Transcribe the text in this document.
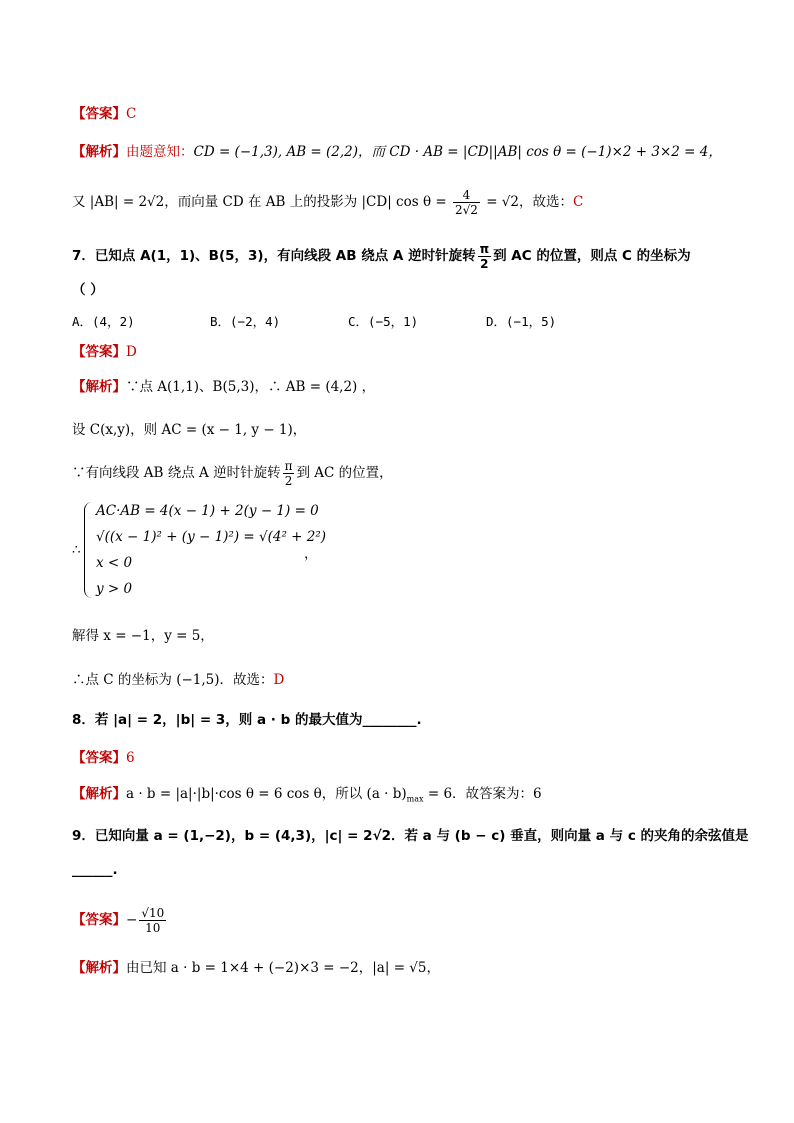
【答案】C
【解析】由题意知：CD = (−1,3), AB = (2,2)，而 CD · AB = |CD||AB| cos θ = (−1)×2 + 3×2 = 4，
又 |AB| = 2√2，而向量 CD 在 AB 上的投影为 |CD| $\cos \theta = \frac{4}{2√2} = √2$，故选：C
7．已知点 A(1，1)、B(5，3)，有向线段 AB 绕点 A 逆时针旋转 $\frac{\pi}{2}$ 到 AC 的位置，则点 C 的坐标为
（ ）
A．(4，2)	B．(−2，4)	C．(−5，1)	D．(−1，5)
【答案】D
【解析】∵点 A(1,1)、B(5,3)，∴ AB = (4,2) ，
设 C(x,y)，则 AC = (x − 1, y − 1)，
∵有向线段 AB 绕点 A 逆时针旋转 $\frac{\pi}{2}$ 到 AC 的位置，
∴
AC·AB = 4(x − 1) + 2(y − 1) = 0
√((x − 1)² + (y − 1)²) = √(4² + 2²)
x < 0
y > 0
，
解得 x = −1，y = 5，
∴点 C 的坐标为 (−1,5)．故选：D
8．若 |a| = 2，|b| = 3，则 a · b 的最大值为________.
【答案】6
【解析】a · b = |a|·|b|·cos θ = 6 cos θ，所以 $(a \cdot b)_{max} = 6$．故答案为：6
9．已知向量 a = (1,−2)，b = (4,3)，|c| = 2√2．若 a 与 (b − c) 垂直，则向量 a 与 c 的夹角的余弦值是
______.
【答案】− $\frac{√10}{10}$
【解析】由已知 a · b = 1×4 + (−2)×3 = −2，|a| = √5，
